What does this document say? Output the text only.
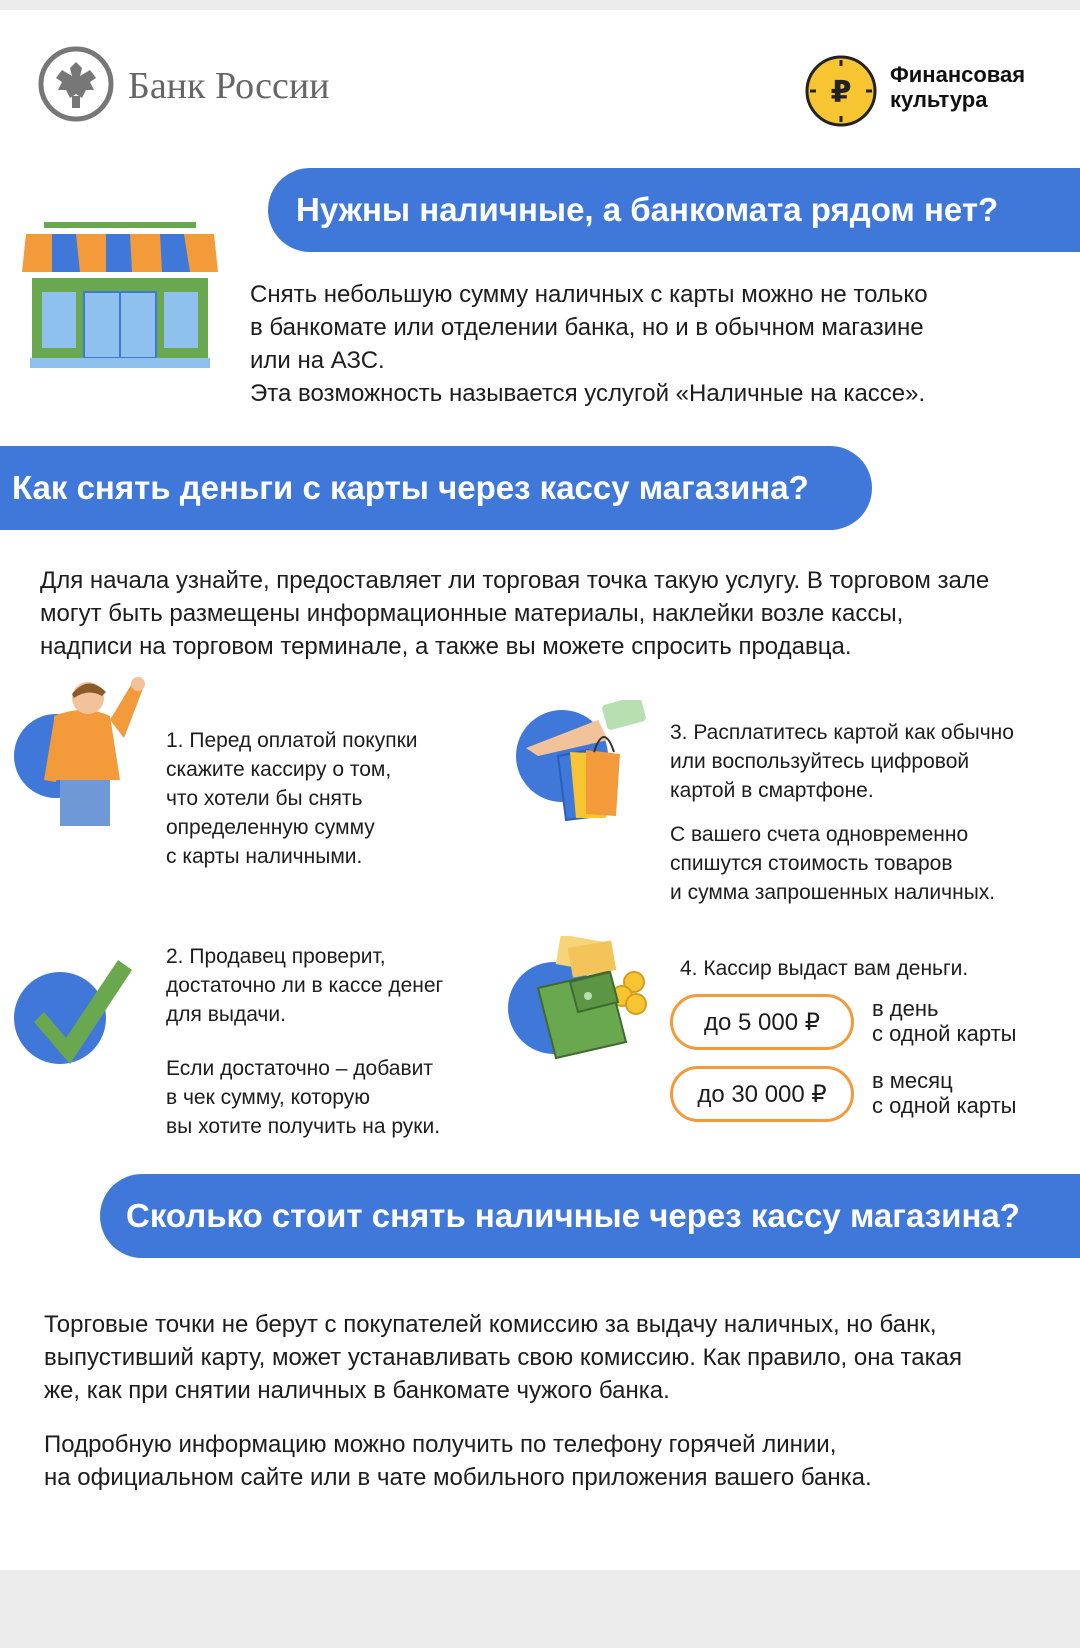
Банк России	₽
Финансовая
культура
Нужны наличные, а банкомата рядом нет?
Снять небольшую сумму наличных с карты можно не только
в банкомате или отделении банка, но и в обычном магазине
или на АЗС.
Эта возможность называется услугой «Наличные на кассе».
Как снять деньги с карты через кассу магазина?
Для начала узнайте, предоставляет ли торговая точка такую услугу. В торговом зале
могут быть размещены информационные материалы, наклейки возле кассы,
надписи на торговом терминале, а также вы можете спросить продавца.
1. Перед оплатой покупки
скажите кассиру о том,
что хотели бы снять
определенную сумму
с карты наличными.
3. Расплатитесь картой как обычно
или воспользуйтесь цифровой
картой в смартфоне.
С вашего счета одновременно
спишутся стоимость товаров
и сумма запрошенных наличных.
2. Продавец проверит,
достаточно ли в кассе денег
для выдачи.
Если достаточно – добавит
в чек сумму, которую
вы хотите получить на руки.
4. Кассир выдаст вам деньги.
до 5 000 ₽ в день
с одной карты
до 30 000 ₽ в месяц
с одной карты
Сколько стоит снять наличные через кассу магазина?
Торговые точки не берут с покупателей комиссию за выдачу наличных, но банк,
выпустивший карту, может устанавливать свою комиссию. Как правило, она такая
же, как при снятии наличных в банкомате чужого банка.
Подробную информацию можно получить по телефону горячей линии,
на официальном сайте или в чате мобильного приложения вашего банка.
